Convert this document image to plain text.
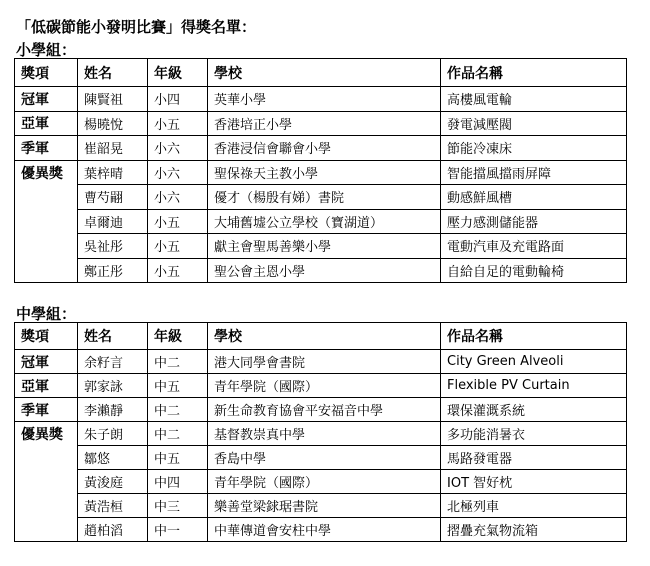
「低碳節能小發明比賽」得獎名單：
小學組：
獎項	姓名	年級	學校	作品名稱
冠軍	陳賢祖	小四	英華小學	高樓風電輪
亞軍	楊曉悅	小五	香港培正小學	發電減壓閥
季軍	崔韶晃	小六	香港浸信會聯會小學	節能冷凍床
優異獎	葉梓晴	小六	聖保祿天主教小學	智能擋風擋雨屏障
	曹芍翤	小六	優才（楊殷有娣）書院	動感鮮風槽
	卓爾迪	小五	大埔舊墟公立學校（寶湖道）	壓力感測儲能器
	吳祉彤	小五	獻主會聖馬善樂小學	電動汽車及充電路面
	鄭正彤	小五	聖公會主恩小學	自給自足的電動輪椅
中學組：
獎項	姓名	年級	學校	作品名稱
冠軍	余籽言	中二	港大同學會書院	City Green Alveoli
亞軍	郭家詠	中五	青年學院（國際）	Flexible PV Curtain
季軍	李瀨靜	中二	新生命教育協會平安福音中學	環保灌溉系統
優異獎	朱子朗	中二	基督教崇真中學	多功能消暑衣
	鄒悠	中五	香島中學	馬路發電器
	黃浚庭	中四	青年學院（國際）	IOT 智好枕
	黃浩桓	中三	樂善堂梁銶琚書院	北極列車
	趙柏滔	中一	中華傳道會安柱中學	摺疊充氣物流箱
